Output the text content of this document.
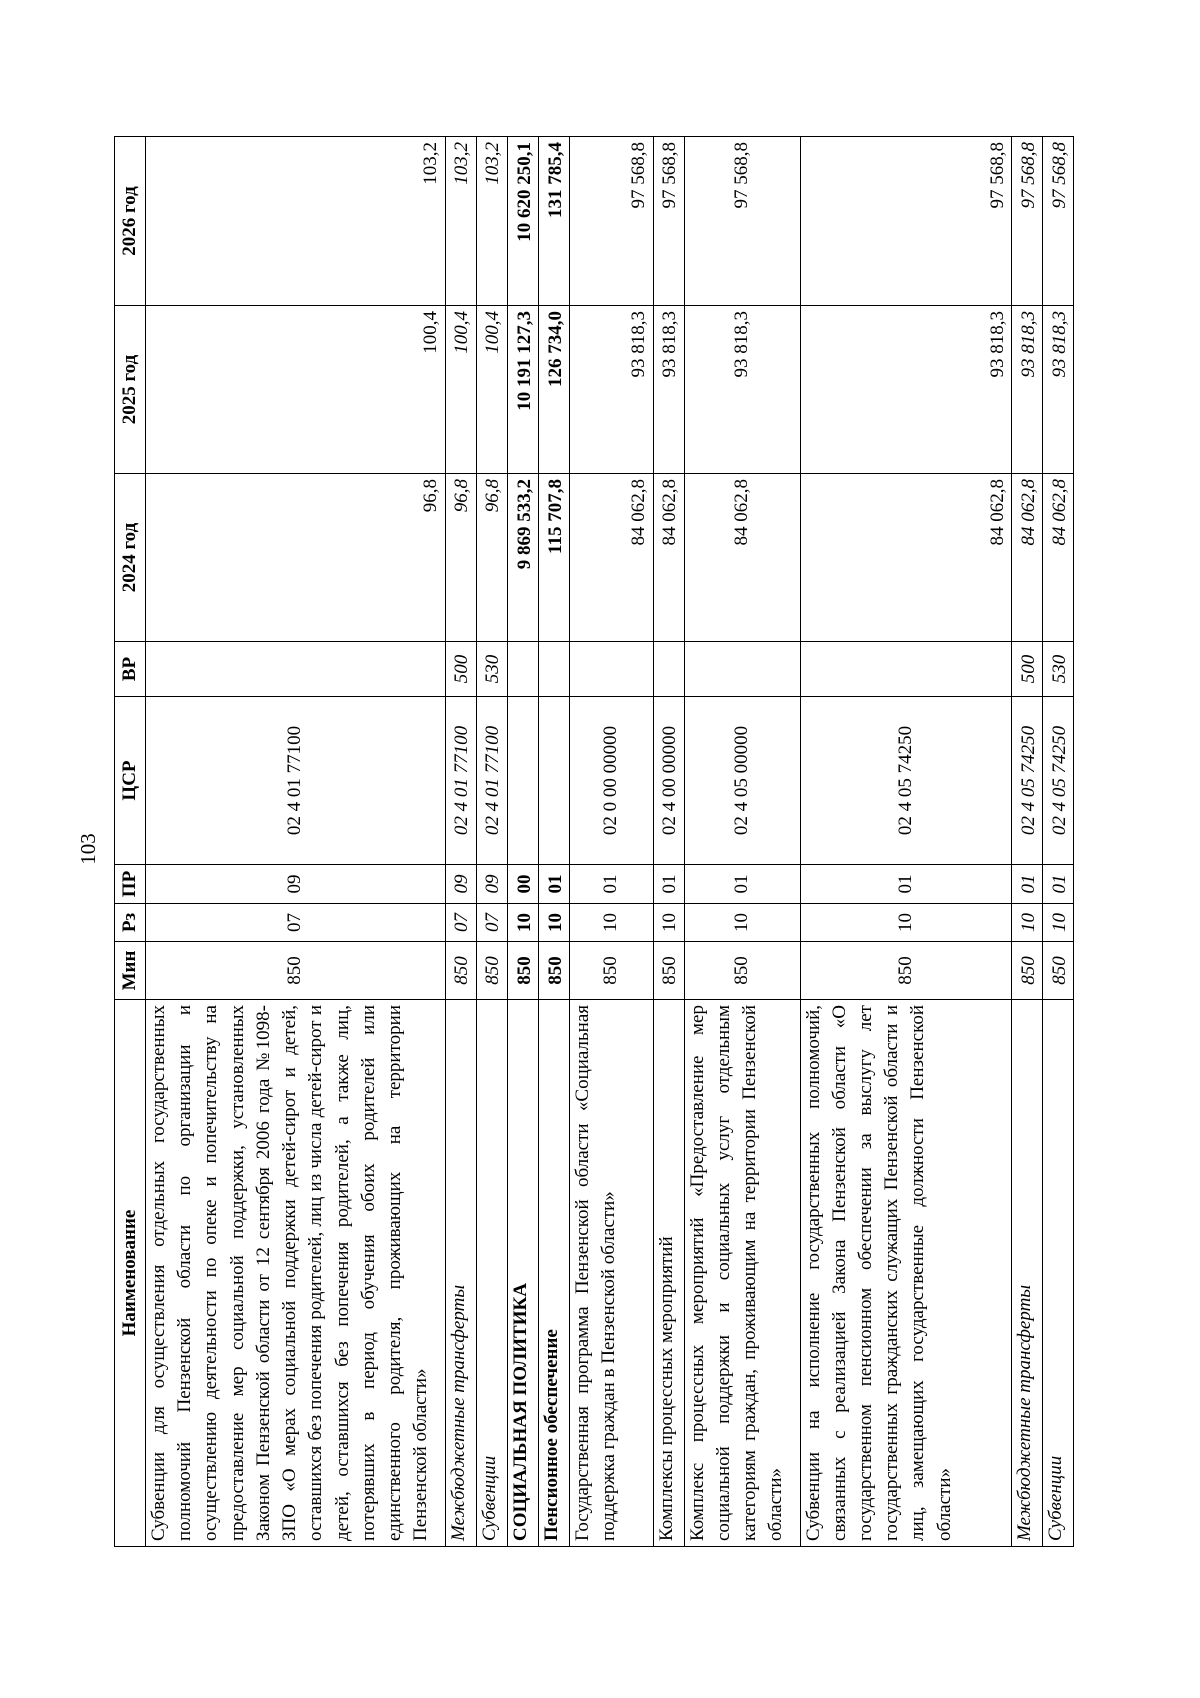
103
Наименование	Мин	Рз	ПР	ЦСР	ВР	2024 год	2025 год	2026 год
Субвенции для осуществления отдельных государственных полномочий Пензенской области по организации и осуществлению деятельности по опеке и попечительству на предоставление мер социальной поддержки, установленных Законом Пензенской области от 12 сентября 2006 года №1098-ЗПО «О мерах социальной поддержки детей-сирот и детей, оставшихся без попечения родителей, лиц из числа детей-сирот и детей, оставшихся без попечения родителей, а также лиц, потерявших в период обучения обоих родителей или единственного родителя, проживающих на территории Пензенской области»	850	07	09	02 4 01 77100		96,8	100,4	103,2
Межбюджетные трансферты	850	07	09	02 4 01 77100	500	96,8	100,4	103,2
Субвенции	850	07	09	02 4 01 77100	530	96,8	100,4	103,2
СОЦИАЛЬНАЯ ПОЛИТИКА	850	10	00			9 869 533,2	10 191 127,3	10 620 250,1
Пенсионное обеспечение	850	10	01			115 707,8	126 734,0	131 785,4
Государственная программа Пензенской области «Социальная поддержка граждан в Пензенской области»	850	10	01	02 0 00 00000		84 062,8	93 818,3	97 568,8
Комплексы процессных мероприятий	850	10	01	02 4 00 00000		84 062,8	93 818,3	97 568,8
Комплекс процессных мероприятий «Предоставление мер социальной поддержки и социальных услуг отдельным категориям граждан, проживающим на территории Пензенской области»	850	10	01	02 4 05 00000		84 062,8	93 818,3	97 568,8
Субвенции на исполнение государственных полномочий, связанных с реализацией Закона Пензенской области «О государственном пенсионном обеспечении за выслугу лет государственных гражданских служащих Пензенской области и лиц, замещающих государственные должности Пензенской области»	850	10	01	02 4 05 74250		84 062,8	93 818,3	97 568,8
Межбюджетные трансферты	850	10	01	02 4 05 74250	500	84 062,8	93 818,3	97 568,8
Субвенции	850	10	01	02 4 05 74250	530	84 062,8	93 818,3	97 568,8
